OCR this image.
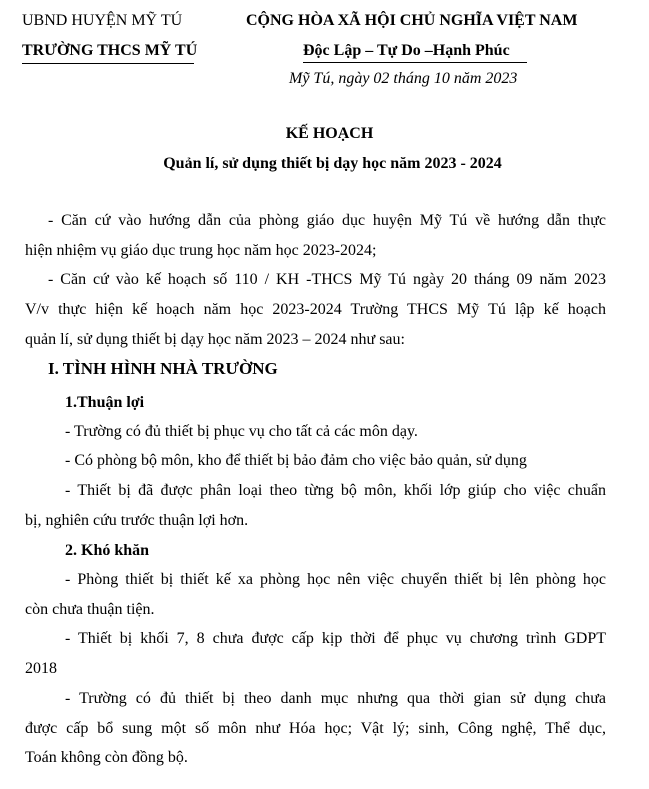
UBND HUYỆN MỸ TÚ
TRƯỜNG THCS MỸ TÚ
CỘNG HÒA XÃ HỘI CHỦ NGHĨA VIỆT NAM
Độc Lập – Tự Do –Hạnh Phúc
Mỹ Tú, ngày 02 tháng 10 năm 2023
KẾ HOẠCH
Quản lí, sử dụng thiết bị dạy học năm 2023 - 2024
- Căn cứ vào hướng dẫn của phòng giáo dục huyện Mỹ Tú về hướng dẫn thực
hiện nhiệm vụ giáo dục trung học năm học 2023-2024;
- Căn cứ vào kế hoạch số 110 / KH -THCS Mỹ Tú ngày 20 tháng 09 năm 2023
V/v thực hiện kế hoạch năm học 2023-2024 Trường THCS Mỹ Tú lập kế hoạch
quản lí, sử dụng thiết bị dạy học năm 2023 – 2024 như sau:
I. TÌNH HÌNH NHÀ TRƯỜNG
1.Thuận lợi
- Trường có đủ thiết bị phục vụ cho tất cả các môn dạy.
- Có phòng bộ môn, kho để thiết bị bảo đảm cho việc bảo quản, sử dụng
- Thiết bị đã được phân loại theo từng bộ môn, khối lớp giúp cho việc chuẩn
bị, nghiên cứu trước thuận lợi hơn.
2. Khó khăn
- Phòng thiết bị thiết kế xa phòng học nên việc chuyển thiết bị lên phòng học
còn chưa thuận tiện.
- Thiết bị khối 7, 8 chưa được cấp kịp thời để phục vụ chương trình GDPT
2018
- Trường có đủ thiết bị theo danh mục nhưng qua thời gian sử dụng chưa
được cấp bổ sung một số môn như Hóa học; Vật lý; sinh, Công nghệ, Thể dục,
Toán không còn đồng bộ.
